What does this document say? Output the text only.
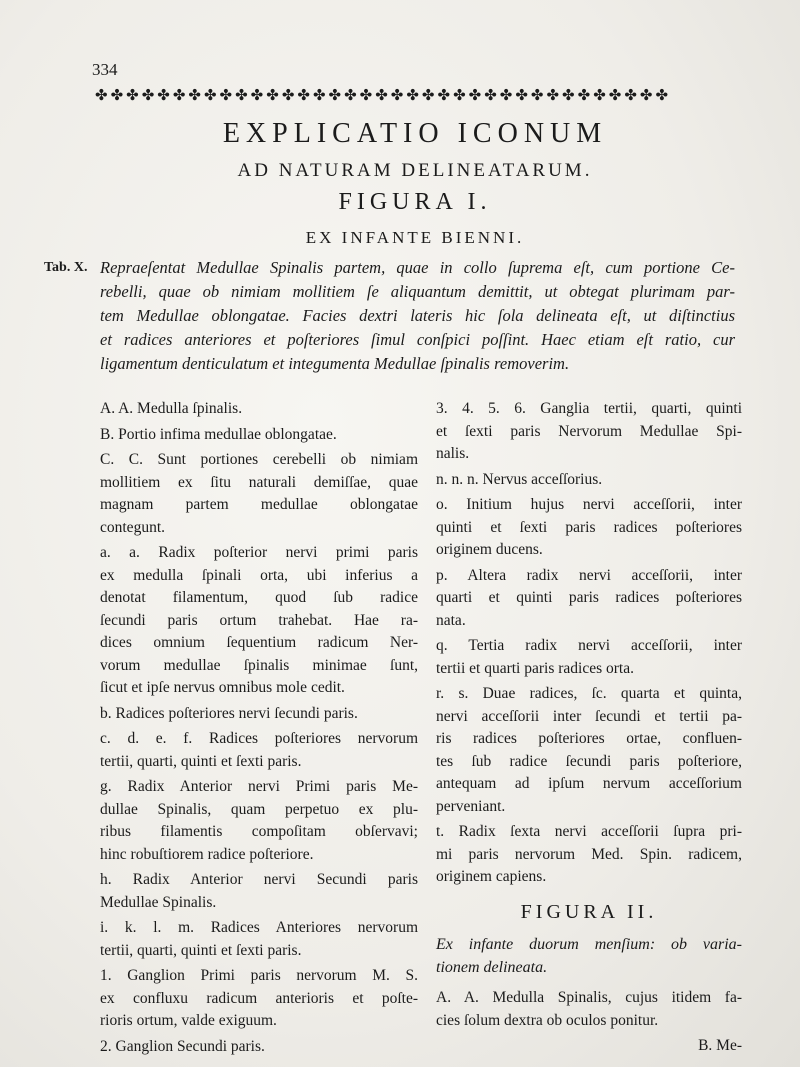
334
✤✤✤✤✤✤✤✤✤✤✤✤✤✤✤✤✤✤✤✤✤✤✤✤✤✤✤✤✤✤✤✤✤✤✤✤✤
EXPLICATIO ICONUM
AD NATURAM DELINEATARUM.
FIGURA I.
EX INFANTE BIENNI.
Tab. X. Repraeſentat Medullae Spinalis partem, quae in collo ſuprema eſt, cum portione Ce-
rebelli, quae ob nimiam mollitiem ſe aliquantum demittit, ut obtegat plurimam par-
tem Medullae oblongatae. Facies dextri lateris hic ſola delineata eſt, ut diſtinctius
et radices anteriores et poſteriores ſimul conſpici poſſint. Haec etiam eſt ratio, cur
ligamentum denticulatum et integumenta Medullae ſpinalis removerim.
A. A. Medulla ſpinalis.
B. Portio infima medullae oblongatae.
C. C. Sunt portiones cerebelli ob nimiam
mollitiem ex ſitu naturali demiſſae, quae
magnam partem medullae oblongatae
contegunt.
a. a. Radix poſterior nervi primi paris
ex medulla ſpinali orta, ubi inferius a
denotat filamentum, quod ſub radice
ſecundi paris ortum trahebat. Hae ra-
dices omnium ſequentium radicum Ner-
vorum medullae ſpinalis minimae ſunt,
ſicut et ipſe nervus omnibus mole cedit.
b. Radices poſteriores nervi ſecundi paris.
c. d. e. f. Radices poſteriores nervorum
tertii, quarti, quinti et ſexti paris.
g. Radix Anterior nervi Primi paris Me-
dullae Spinalis, quam perpetuo ex plu-
ribus filamentis compoſitam obſervavi;
hinc robuſtiorem radice poſteriore.
h. Radix Anterior nervi Secundi paris
Medullae Spinalis.
i. k. l. m. Radices Anteriores nervorum
tertii, quarti, quinti et ſexti paris.
1. Ganglion Primi paris nervorum M. S.
ex confluxu radicum anterioris et poſte-
rioris ortum, valde exiguum.
2. Ganglion Secundi paris.
3. 4. 5. 6. Ganglia tertii, quarti, quinti
et ſexti paris Nervorum Medullae Spi-
nalis.
n. n. n. Nervus acceſſorius.
o. Initium hujus nervi acceſſorii, inter
quinti et ſexti paris radices poſteriores
originem ducens.
p. Altera radix nervi acceſſorii, inter
quarti et quinti paris radices poſteriores
nata.
q. Tertia radix nervi acceſſorii, inter
tertii et quarti paris radices orta.
r. s. Duae radices, ſc. quarta et quinta,
nervi acceſſorii inter ſecundi et tertii pa-
ris radices poſteriores ortae, confluen-
tes ſub radice ſecundi paris poſteriore,
antequam ad ipſum nervum acceſſorium
perveniant.
t. Radix ſexta nervi acceſſorii ſupra pri-
mi paris nervorum Med. Spin. radicem,
originem capiens.
FIGURA II.
Ex infante duorum menſium: ob varia-
tionem delineata.
A. A. Medulla Spinalis, cujus itidem fa-
cies ſolum dextra ob oculos ponitur.
B. Me-
